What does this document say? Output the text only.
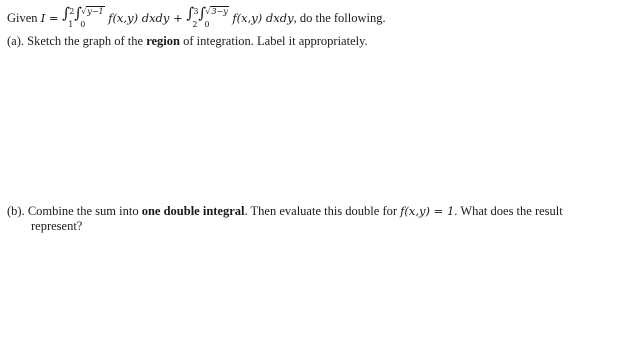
Given I = ∫ 2
1
∫ √y−1
0 f(x,y) dxdy + ∫ 3
2
∫ √3−y
0 f(x,y) dxdy, do the following.
(a). Sketch the graph of the region of integration. Label it appropriately.
(b). Combine the sum into one double integral. Then evaluate this double for f(x,y) = 1. What does the result
represent?
